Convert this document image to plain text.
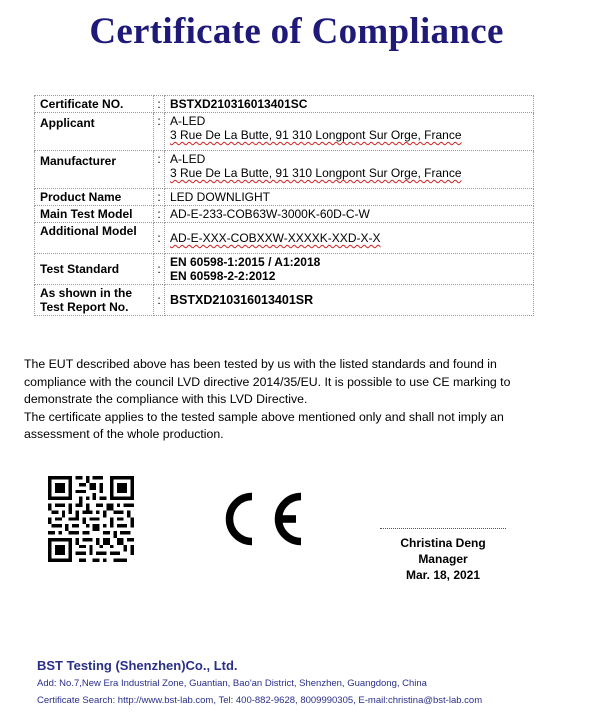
Certificate of Compliance
Certificate NO.	:	BSTXD210316013401SC
Applicant	:	A-LED
3 Rue De La Butte, 91 310 Longpont Sur Orge, France

Manufacturer	:	A-LED
3 Rue De La Butte, 91 310 Longpont Sur Orge, France

Product Name	:	LED DOWNLIGHT
Main Test Model	:	AD-E-233-COB63W-3000K-60D-C-W
Additional Model	:	AD-E-XXX-COBXXW-XXXXK-XXD-X-X
Test Standard	:	EN 60598-1:2015 / A1:2018
EN 60598-2-2:2012

As shown in the Test Report No.	:	BSTXD210316013401SR

The EUT described above has been tested by us with the listed standards and found in compliance with the council LVD directive 2014/35/EU. It is possible to use CE marking to demonstrate the compliance with this LVD Directive.

The certificate applies to the tested sample above mentioned only and shall not imply an assessment of the whole production.

Christina Deng
Manager
Mar. 18, 2021
BST Testing (Shenzhen)Co., Ltd.
Add: No.7,New Era Industrial Zone, Guantian, Bao'an District, Shenzhen, Guangdong, China
Certificate Search: http://www.bst-lab.com, Tel: 400-882-9628, 8009990305, E-mail:christina@bst-lab.com
